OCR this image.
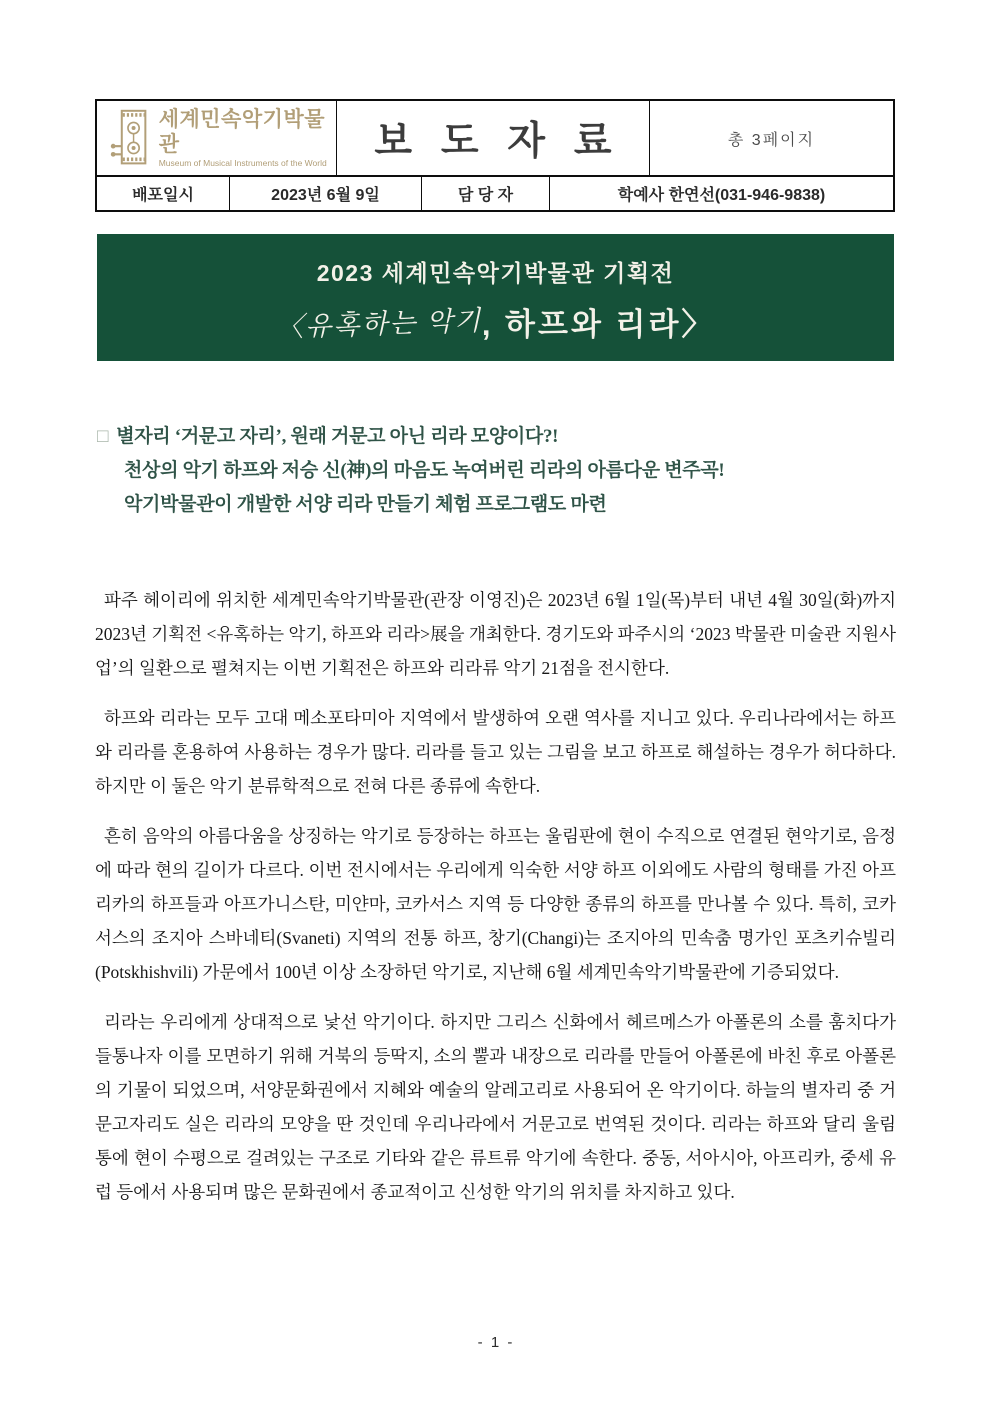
세계민속악기박물관
Museum of Musical Instruments of the World	보 도 자 료	총 3페이지
배포일시	2023년 6월 9일	담 당 자	학예사 한연선(031-946-9838)
2023 세계민속악기박물관 기획전
〈유혹하는 악기, 하프와 리라〉
□ 별자리 ‘거문고 자리’, 원래 거문고 아닌 리라 모양이다?!
천상의 악기 하프와 저승 신(神)의 마음도 녹여버린 리라의 아름다운 변주곡!
악기박물관이 개발한 서양 리라 만들기 체험 프로그램도 마련

파주 헤이리에 위치한 세계민속악기박물관(관장 이영진)은 2023년 6월 1일(목)부터 내년 4월 30일(화)까지 2023년 기획전 <유혹하는 악기, 하프와 리라>展을 개최한다. 경기도와 파주시의 ‘2023 박물관 미술관 지원사업’의 일환으로 펼쳐지는 이번 기획전은 하프와 리라류 악기 21점을 전시한다.

하프와 리라는 모두 고대 메소포타미아 지역에서 발생하여 오랜 역사를 지니고 있다. 우리나라에서는 하프와 리라를 혼용하여 사용하는 경우가 많다. 리라를 들고 있는 그림을 보고 하프로 해설하는 경우가 허다하다. 하지만 이 둘은 악기 분류학적으로 전혀 다른 종류에 속한다.

흔히 음악의 아름다움을 상징하는 악기로 등장하는 하프는 울림판에 현이 수직으로 연결된 현악기로, 음정에 따라 현의 길이가 다르다. 이번 전시에서는 우리에게 익숙한 서양 하프 이외에도 사람의 형태를 가진 아프리카의 하프들과 아프가니스탄, 미얀마, 코카서스 지역 등 다양한 종류의 하프를 만나볼 수 있다. 특히, 코카서스의 조지아 스바네티(Svaneti) 지역의 전통 하프, 창기(Changi)는 조지아의 민속춤 명가인 포츠키슈빌리(Potskhishvili) 가문에서 100년 이상 소장하던 악기로, 지난해 6월 세계민속악기박물관에 기증되었다.

리라는 우리에게 상대적으로 낯선 악기이다. 하지만 그리스 신화에서 헤르메스가 아폴론의 소를 훔치다가 들통나자 이를 모면하기 위해 거북의 등딱지, 소의 뿔과 내장으로 리라를 만들어 아폴론에 바친 후로 아폴론의 기물이 되었으며, 서양문화권에서 지혜와 예술의 알레고리로 사용되어 온 악기이다. 하늘의 별자리 중 거문고자리도 실은 리라의 모양을 딴 것인데 우리나라에서 거문고로 번역된 것이다. 리라는 하프와 달리 울림통에 현이 수평으로 걸려있는 구조로 기타와 같은 류트류 악기에 속한다. 중동, 서아시아, 아프리카, 중세 유럽 등에서 사용되며 많은 문화권에서 종교적이고 신성한 악기의 위치를 차지하고 있다.

- 1 -
